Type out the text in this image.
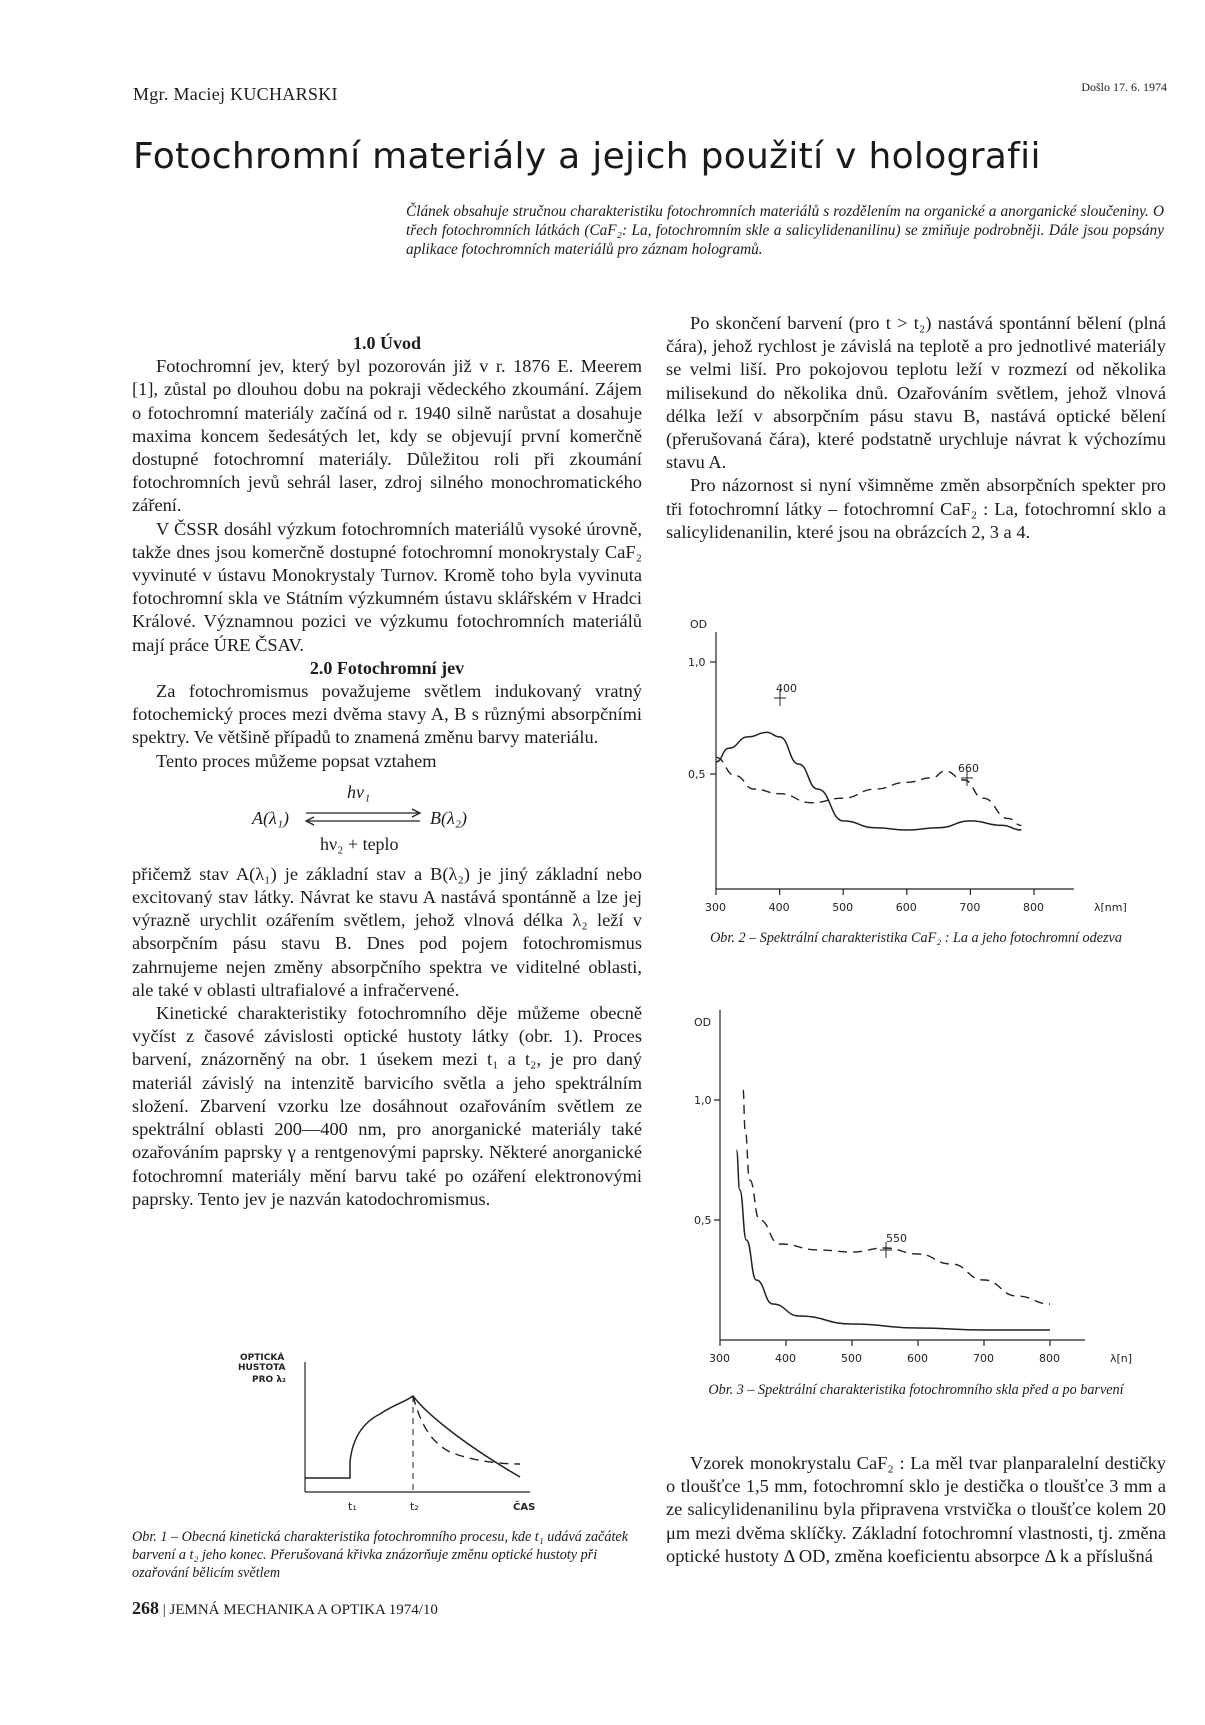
Mgr. Maciej KUCHARSKI	Došlo 17. 6. 1974
Fotochromní materiály a jejich použití v holografii
Článek obsahuje stručnou charakteristiku fotochromních materiálů s rozdělením na organické a anorganické sloučeniny. O třech fotochromních látkách (CaF₂: La, fotochromním skle a salicylidenanilinu) se zmiňuje podrobněji. Dále jsou popsány aplikace fotochromních materiálů pro záznam hologramů.

1.0 Úvod

Fotochromní jev, který byl pozorován již v r. 1876 E. Meerem [1], zůstal po dlouhou dobu na pokraji vědeckého zkoumání. Zájem o fotochromní materiály začíná od r. 1940 silně narůstat a dosahuje maxima koncem šedesátých let, kdy se objevují první komerčně dostupné fotochromní materiály. Důležitou roli při zkoumání fotochromních jevů sehrál laser, zdroj silného monochromatického záření.

V ČSSR dosáhl výzkum fotochromních materiálů vysoké úrovně, takže dnes jsou komerčně dostupné fotochromní monokrystaly CaF₂ vyvinuté v ústavu Monokrystaly Turnov. Kromě toho byla vyvinuta fotochromní skla ve Státním výzkumném ústavu sklářském v Hradci Králové. Významnou pozici ve výzkumu fotochromních materiálů mají práce ÚRE ČSAV.

2.0 Fotochromní jev

Za fotochromismus považujeme světlem indukovaný vratný fotochemický proces mezi dvěma stavy A, B s různými absorpčními spektry. Ve většině případů to znamená změnu barvy materiálu.

Tento proces můžeme popsat vztahem

hν₁
A(λ₁)	B(λ₂)
hν₂ + teplo

přičemž stav A(λ₁) je základní stav a B(λ₂) je jiný základní nebo excitovaný stav látky. Návrat ke stavu A nastává spontánně a lze jej výrazně urychlit ozářením světlem, jehož vlnová délka λ₂ leží v absorpčním pásu stavu B. Dnes pod pojem fotochromismus zahrnujeme nejen změny absorpčního spektra ve viditelné oblasti, ale také v oblasti ultrafialové a infračervené.

Kinetické charakteristiky fotochromního děje můžeme obecně vyčíst z časové závislosti optické hustoty látky (obr. 1). Proces barvení, znázorněný na obr. 1 úsekem mezi t₁ a t₂, je pro daný materiál závislý na intenzitě barvicího světla a jeho spektrálním složení. Zbarvení vzorku lze dosáhnout ozařováním světlem ze spektrální oblasti 200—400 nm, pro anorganické materiály také ozařováním paprsky γ a rentgenovými paprsky. Některé anorganické fotochromní materiály mění barvu také po ozáření elektronovými paprsky. Tento jev je nazván katodochromismus.

Po skončení barvení (pro t > t₂) nastává spontánní bělení (plná čára), jehož rychlost je závislá na teplotě a pro jednotlivé materiály se velmi liší. Pro pokojovou teplotu leží v rozmezí od několika milisekund do několika dnů. Ozařováním světlem, jehož vlnová délka leží v absorpčním pásu stavu B, nastává optické bělení (přerušovaná čára), které podstatně urychluje návrat k výchozímu stavu A.

Pro názornost si nyní všimněme změn absorpčních spekter pro tři fotochromní látky – fotochromní CaF₂ : La, fotochromní sklo a salicylidenanilin, které jsou na obrázcích 2, 3 a 4.

OPTICKÁ
HUSTOTA
PRO λ₂
t₁	t₂	ČAS
Obr. 1 – Obecná kinetická charakteristika fotochromního procesu, kde t₁ udává začátek barvení a t₂ jeho konec. Přerušovaná křivka znázorňuje změnu optické hustoty při ozařování bělicím světlem
OD
1,0
0,5
300	400	500	600	700	800	λ[nm]
400
660
Obr. 2 – Spektrální charakteristika CaF₂ : La a jeho fotochromní odezva
OD
1,0
0,5
300	400	500	600	700	800	λ[n]
550
Obr. 3 – Spektrální charakteristika fotochromního skla před a po barvení

Vzorek monokrystalu CaF₂ : La měl tvar planparalelní destičky o tloušťce 1,5 mm, fotochromní sklo je destička o tloušťce 3 mm a ze salicylidenanilinu byla připravena vrstvička o tloušťce kolem 20 μm mezi dvěma sklíčky. Základní fotochromní vlastnosti, tj. změna optické hustoty Δ OD, změna koeficientu absorpce Δ k a příslušná

268 | JEMNÁ MECHANIKA A OPTIKA 1974/10
